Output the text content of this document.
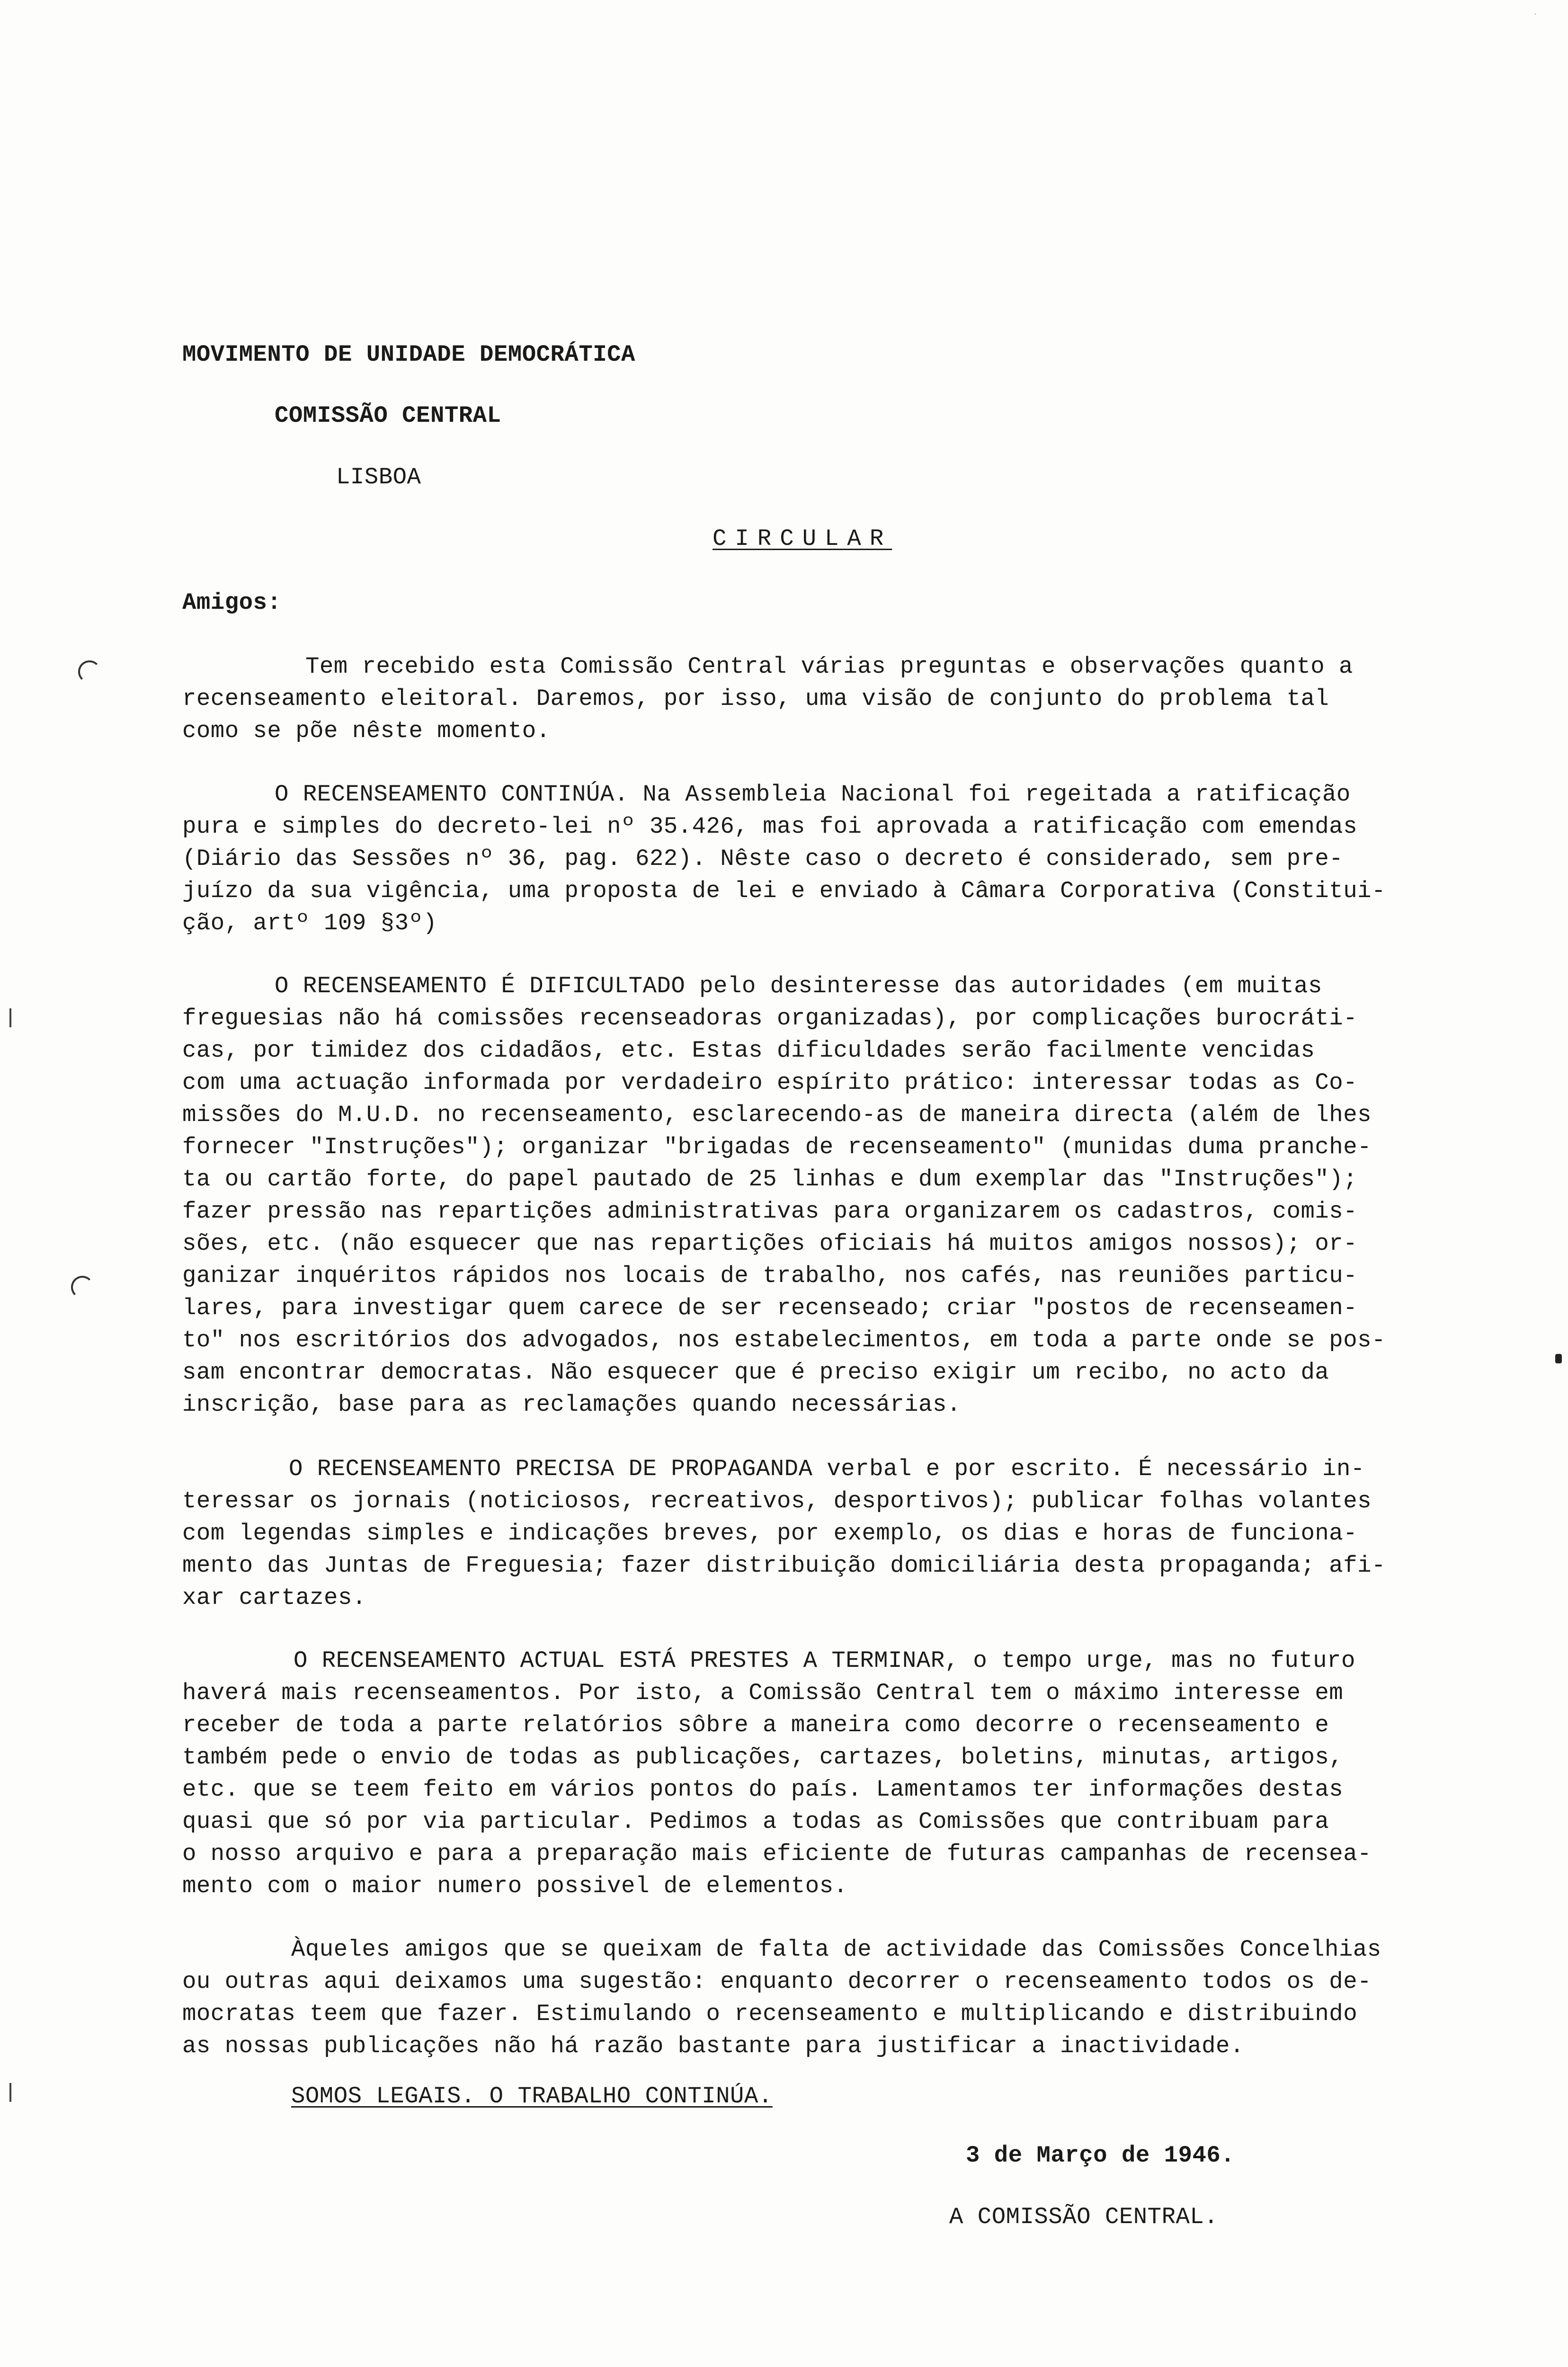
.
MOVIMENTO DE UNIDADE DEMOCRÁTICA
COMISSÃO CENTRAL
LISBOA
CIRCULAR
Amigos:
Tem recebido esta Comissão Central várias preguntas e observações quanto a
recenseamento eleitoral. Daremos, por isso, uma visão de conjunto do problema tal
como se põe nêste momento.
O RECENSEAMENTO CONTINÚA. Na Assembleia Nacional foi regeitada a ratificação
pura e simples do decreto-lei nº 35.426, mas foi aprovada a ratificação com emendas
(Diário das Sessões nº 36, pag. 622). Nêste caso o decreto é considerado, sem pre-
juízo da sua vigência, uma proposta de lei e enviado à Câmara Corporativa (Constitui-
ção, artº 109 §3º)
O RECENSEAMENTO É DIFICULTADO pelo desinteresse das autoridades (em muitas
freguesias não há comissões recenseadoras organizadas), por complicações burocráti-
cas, por timidez dos cidadãos, etc. Estas dificuldades serão facilmente vencidas
com uma actuação informada por verdadeiro espírito prático: interessar todas as Co-
missões do M.U.D. no recenseamento, esclarecendo-as de maneira directa (além de lhes
fornecer "Instruções"); organizar "brigadas de recenseamento" (munidas duma pranche-
ta ou cartão forte, do papel pautado de 25 linhas e dum exemplar das "Instruções");
fazer pressão nas repartições administrativas para organizarem os cadastros, comis-
sões, etc. (não esquecer que nas repartições oficiais há muitos amigos nossos); or-
ganizar inquéritos rápidos nos locais de trabalho, nos cafés, nas reuniões particu-
lares, para investigar quem carece de ser recenseado; criar "postos de recenseamen-
to" nos escritórios dos advogados, nos estabelecimentos, em toda a parte onde se pos-
sam encontrar democratas. Não esquecer que é preciso exigir um recibo, no acto da
inscrição, base para as reclamações quando necessárias.
O RECENSEAMENTO PRECISA DE PROPAGANDA verbal e por escrito. É necessário in-
teressar os jornais (noticiosos, recreativos, desportivos); publicar folhas volantes
com legendas simples e indicações breves, por exemplo, os dias e horas de funciona-
mento das Juntas de Freguesia; fazer distribuição domiciliária desta propaganda; afi-
xar cartazes.
O RECENSEAMENTO ACTUAL ESTÁ PRESTES A TERMINAR, o tempo urge, mas no futuro
haverá mais recenseamentos. Por isto, a Comissão Central tem o máximo interesse em
receber de toda a parte relatórios sôbre a maneira como decorre o recenseamento e
também pede o envio de todas as publicações, cartazes, boletins, minutas, artigos,
etc. que se teem feito em vários pontos do país. Lamentamos ter informações destas
quasi que só por via particular. Pedimos a todas as Comissões que contribuam para
o nosso arquivo e para a preparação mais eficiente de futuras campanhas de recensea-
mento com o maior numero possivel de elementos.
Àqueles amigos que se queixam de falta de actividade das Comissões Concelhias
ou outras aqui deixamos uma sugestão: enquanto decorrer o recenseamento todos os de-
mocratas teem que fazer. Estimulando o recenseamento e multiplicando e distribuindo
as nossas publicações não há razão bastante para justificar a inactividade.
SOMOS LEGAIS. O TRABALHO CONTINÚA.
3 de Março de 1946.
A COMISSÃO CENTRAL.
